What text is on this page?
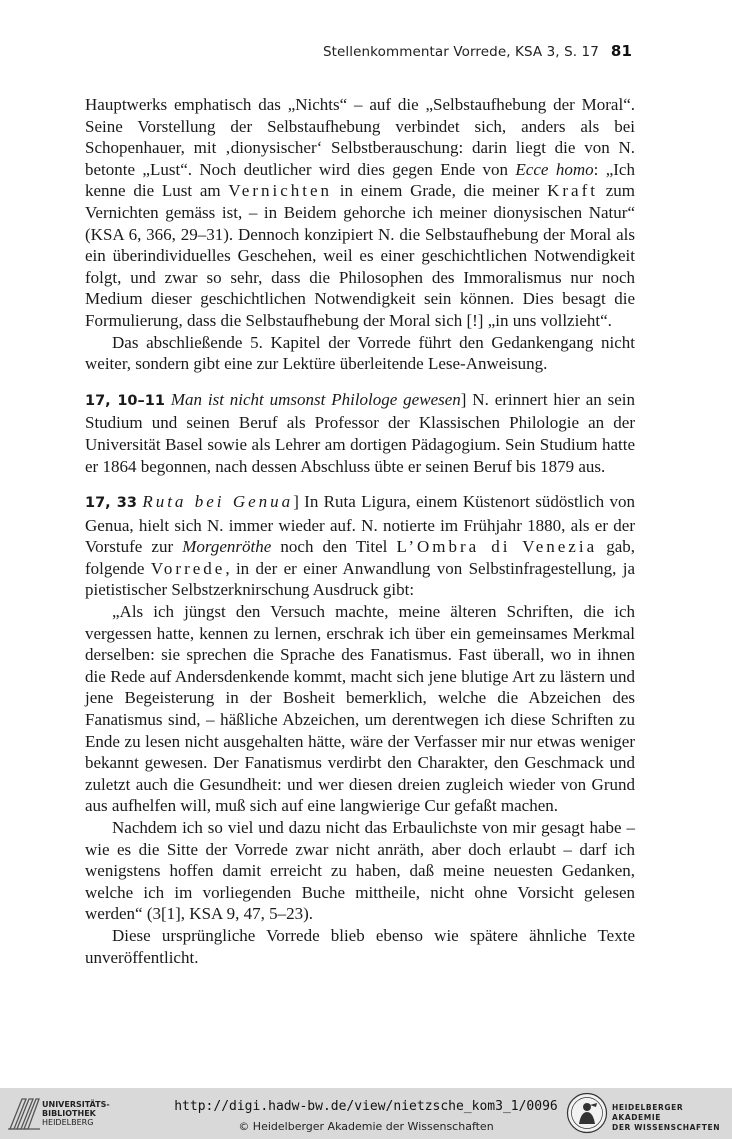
Stellenkommentar Vorrede, KSA 3, S. 17 81

Hauptwerks emphatisch das „Nichts“ – auf die „Selbstaufhebung der Moral“. Seine Vorstellung der Selbstaufhebung verbindet sich, anders als bei Schopenhauer, mit ‚dionysischer‘ Selbstberauschung: darin liegt die von N. betonte „Lust“. Noch deutlicher wird dies gegen Ende von Ecce homo: „Ich kenne die Lust am Vernichten in einem Grade, die meiner Kraft zum Vernichten gemäss ist, – in Beidem gehorche ich meiner dionysischen Natur“ (KSA 6, 366, 29–31). Dennoch konzipiert N. die Selbstaufhebung der Moral als ein überindividuelles Geschehen, weil es einer geschichtlichen Notwendigkeit folgt, und zwar so sehr, dass die Philosophen des Immoralismus nur noch Medium dieser geschichtlichen Notwendigkeit sein können. Dies besagt die Formulierung, dass die Selbstaufhebung der Moral sich [!] „in uns vollzieht“.

Das abschließende 5. Kapitel der Vorrede führt den Gedankengang nicht weiter, sondern gibt eine zur Lektüre überleitende Lese-Anweisung.

17, 10–11 Man ist nicht umsonst Philologe gewesen] N. erinnert hier an sein Studium und seinen Beruf als Professor der Klassischen Philologie an der Universität Basel sowie als Lehrer am dortigen Pädagogium. Sein Studium hatte er 1864 begonnen, nach dessen Abschluss übte er seinen Beruf bis 1879 aus.

17, 33 Ruta bei Genua] In Ruta Ligura, einem Küstenort südöstlich von Genua, hielt sich N. immer wieder auf. N. notierte im Frühjahr 1880, als er der Vorstufe zur Morgenröthe noch den Titel L’Ombra di Venezia gab, folgende Vorrede, in der er einer Anwandlung von Selbstinfragestellung, ja pietistischer Selbstzerknirschung Ausdruck gibt:

„Als ich jüngst den Versuch machte, meine älteren Schriften, die ich vergessen hatte, kennen zu lernen, erschrak ich über ein gemeinsames Merkmal derselben: sie sprechen die Sprache des Fanatismus. Fast überall, wo in ihnen die Rede auf Andersdenkende kommt, macht sich jene blutige Art zu lästern und jene Begeisterung in der Bosheit bemerklich, welche die Abzeichen des Fanatismus sind, – häßliche Abzeichen, um derentwegen ich diese Schriften zu Ende zu lesen nicht ausgehalten hätte, wäre der Verfasser mir nur etwas weniger bekannt gewesen. Der Fanatismus verdirbt den Charakter, den Geschmack und zuletzt auch die Gesundheit: und wer diesen dreien zugleich wieder von Grund aus aufhelfen will, muß sich auf eine langwierige Cur gefaßt machen.

Nachdem ich so viel und dazu nicht das Erbaulichste von mir gesagt habe – wie es die Sitte der Vorrede zwar nicht anräth, aber doch erlaubt – darf ich wenigstens hoffen damit erreicht zu haben, daß meine neuesten Gedanken, welche ich im vorliegenden Buche mittheile, nicht ohne Vorsicht gelesen werden“ (3[1], KSA 9, 47, 5–23).

Diese ursprüngliche Vorrede blieb ebenso wie spätere ähnliche Texte unveröffentlicht.

UNIVERSITÄTS-
BIBLIOTHEK
HEIDELBERG
http://digi.hadw-bw.de/view/nietzsche_kom3_1/0096
© Heidelberger Akademie der Wissenschaften
HEIDELBERGER AKADEMIE
DER WISSENSCHAFTEN
